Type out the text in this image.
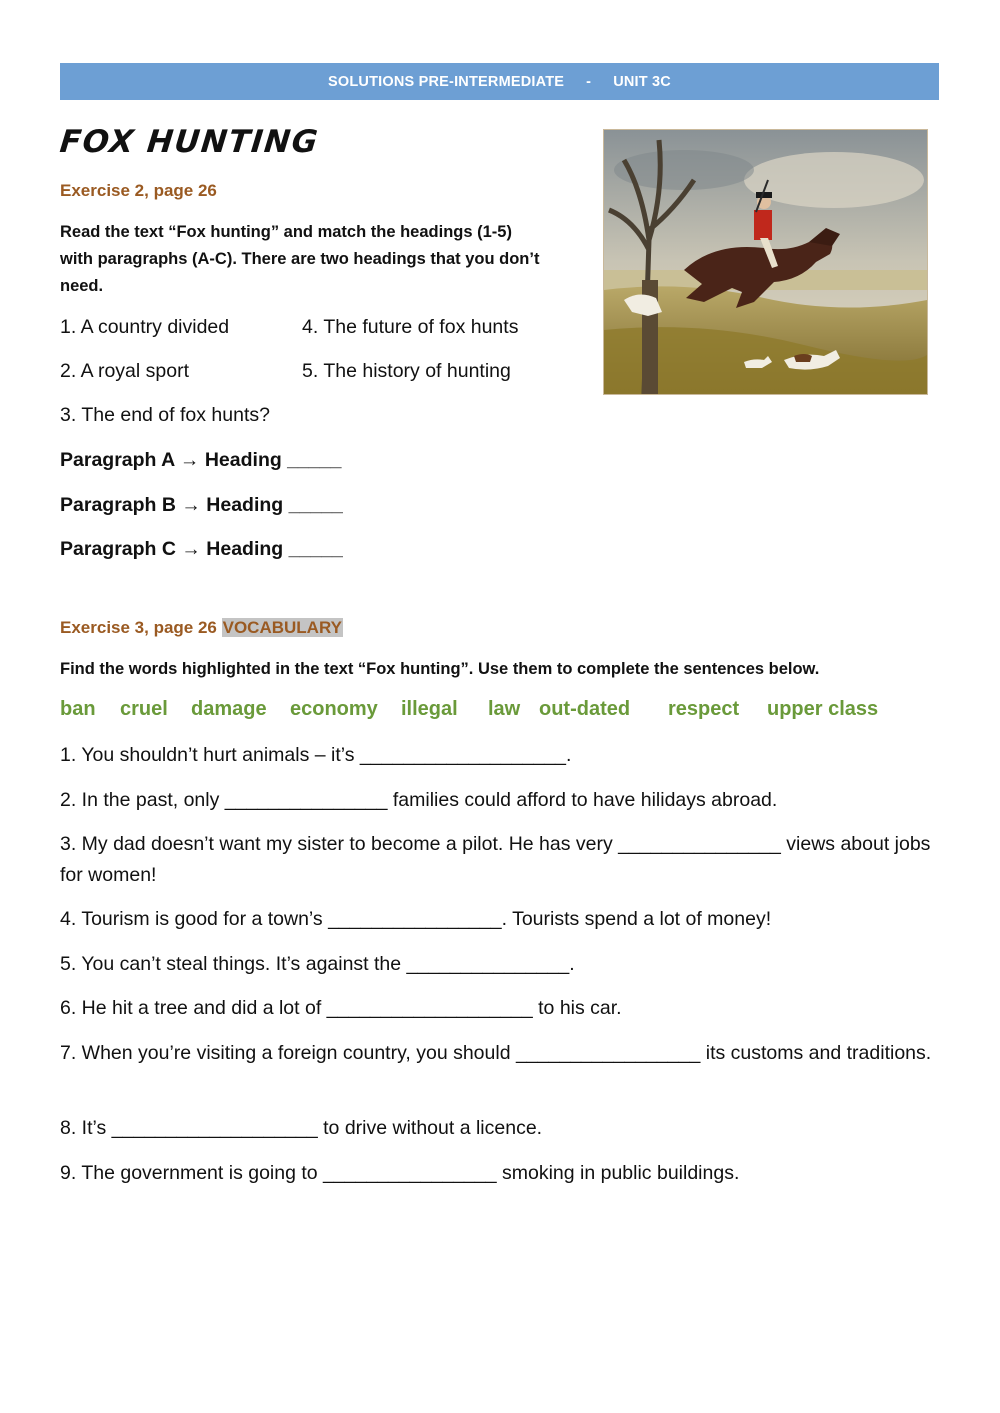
SOLUTIONS PRE-INTERMEDIATE - UNIT 3C
FOX HUNTING
Exercise 2, page 26
Read the text “Fox hunting” and match the headings (1-5)
with paragraphs (A-C). There are two headings that you don’t
need.
1. A country divided
2. A royal sport
3. The end of fox hunts?
4. The future of fox hunts
5. The history of hunting
Paragraph A → Heading _____
Paragraph B → Heading _____
Paragraph C → Heading _____
Exercise 3, page 26 VOCABULARY
Find the words highlighted in the text “Fox hunting”. Use them to complete the sentences below.
ban cruel damage economy illegal law out-dated respect upper class
1. You shouldn’t hurt animals – it’s ___________________.
2. In the past, only _______________ families could afford to have hilidays abroad.
3. My dad doesn’t want my sister to become a pilot. He has very _______________ views about jobs for women!
4. Tourism is good for a town’s ________________. Tourists spend a lot of money!
5. You can’t steal things. It’s against the _______________.
6. He hit a tree and did a lot of ___________________ to his car.
7. When you’re visiting a foreign country, you should _________________ its customs and traditions.
8. It’s ___________________ to drive without a licence.
9. The government is going to ________________ smoking in public buildings.
